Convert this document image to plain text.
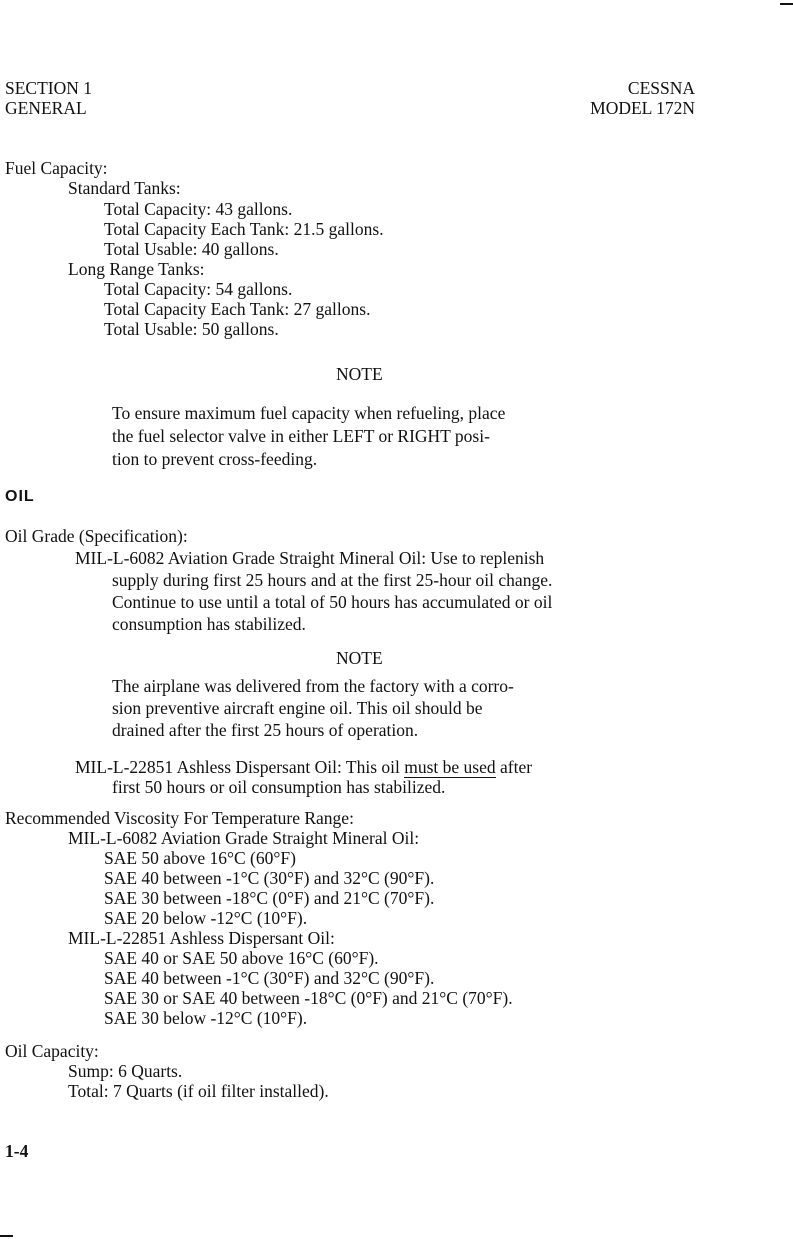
SECTION 1
GENERAL
CESSNA
MODEL 172N
Fuel Capacity:
Standard Tanks:
Total Capacity: 43 gallons.
Total Capacity Each Tank: 21.5 gallons.
Total Usable: 40 gallons.
Long Range Tanks:
Total Capacity: 54 gallons.
Total Capacity Each Tank: 27 gallons.
Total Usable: 50 gallons.
NOTE
To ensure maximum fuel capacity when refueling, place
the fuel selector valve in either LEFT or RIGHT posi-
tion to prevent cross-feeding.
OIL
Oil Grade (Specification):
MIL-L-6082 Aviation Grade Straight Mineral Oil: Use to replenish
supply during first 25 hours and at the first 25-hour oil change.
Continue to use until a total of 50 hours has accumulated or oil
consumption has stabilized.
NOTE
The airplane was delivered from the factory with a corro-
sion preventive aircraft engine oil. This oil should be
drained after the first 25 hours of operation.
MIL-L-22851 Ashless Dispersant Oil: This oil must be used after
first 50 hours or oil consumption has stabilized.
Recommended Viscosity For Temperature Range:
MIL-L-6082 Aviation Grade Straight Mineral Oil:
SAE 50 above 16°C (60°F)
SAE 40 between -1°C (30°F) and 32°C (90°F).
SAE 30 between -18°C (0°F) and 21°C (70°F).
SAE 20 below -12°C (10°F).
MIL-L-22851 Ashless Dispersant Oil:
SAE 40 or SAE 50 above 16°C (60°F).
SAE 40 between -1°C (30°F) and 32°C (90°F).
SAE 30 or SAE 40 between -18°C (0°F) and 21°C (70°F).
SAE 30 below -12°C (10°F).
Oil Capacity:
Sump: 6 Quarts.
Total: 7 Quarts (if oil filter installed).
1-4
